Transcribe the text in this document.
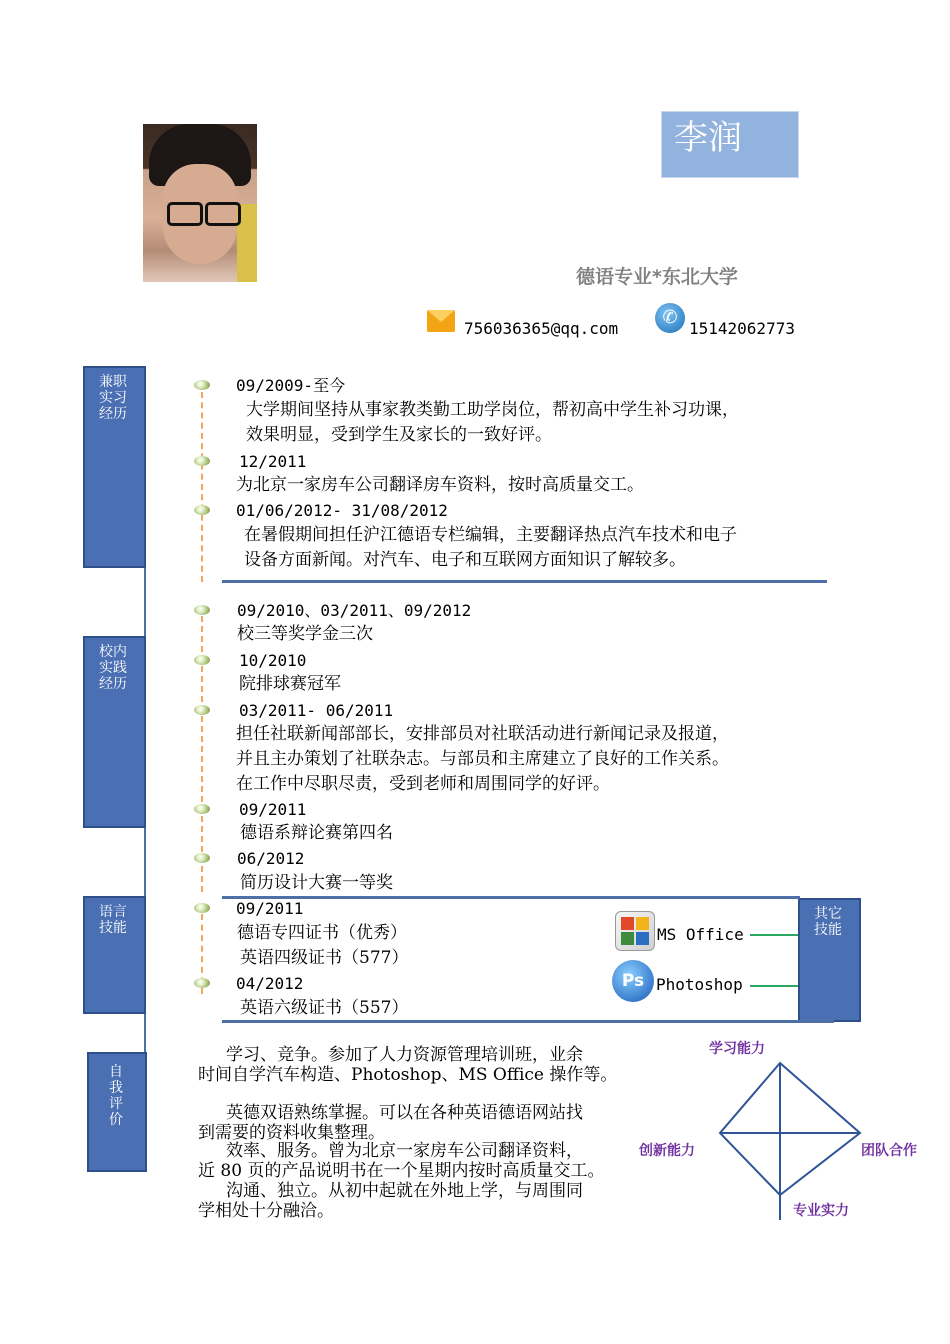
李润
德语专业*东北大学
756036365@qq.com
✆
15142062773
兼职
实习
经历
校内
实践
经历
语言
技能
自
我
评
价
其它
技能
09/2009-至今
大学期间坚持从事家教类勤工助学岗位，帮初高中学生补习功课，
效果明显，受到学生及家长的一致好评。
12/2011
为北京一家房车公司翻译房车资料，按时高质量交工。
01/06/2012- 31/08/2012
在暑假期间担任沪江德语专栏编辑，主要翻译热点汽车技术和电子
设备方面新闻。对汽车、电子和互联网方面知识了解较多。
09/2010、03/2011、09/2012
校三等奖学金三次
10/2010
院排球赛冠军
03/2011- 06/2011
担任社联新闻部部长，安排部员对社联活动进行新闻记录及报道，
并且主办策划了社联杂志。与部员和主席建立了良好的工作关系。
在工作中尽职尽责，受到老师和周围同学的好评。
09/2011
德语系辩论赛第四名
06/2012
简历设计大赛一等奖
09/2011
德语专四证书（优秀）
英语四级证书（577）
04/2012
英语六级证书（557）
MS Office
Ps Photoshop
学习、竞争。参加了人力资源管理培训班，业余
时间自学汽车构造、Photoshop、MS Office 操作等。
英德双语熟练掌握。可以在各种英语德语网站找
到需要的资料收集整理。
效率、服务。曾为北京一家房车公司翻译资料，
近 80 页的产品说明书在一个星期内按时高质量交工。
沟通、独立。从初中起就在外地上学，与周围同
学相处十分融洽。
学习能力
创新能力	团队合作
专业实力
